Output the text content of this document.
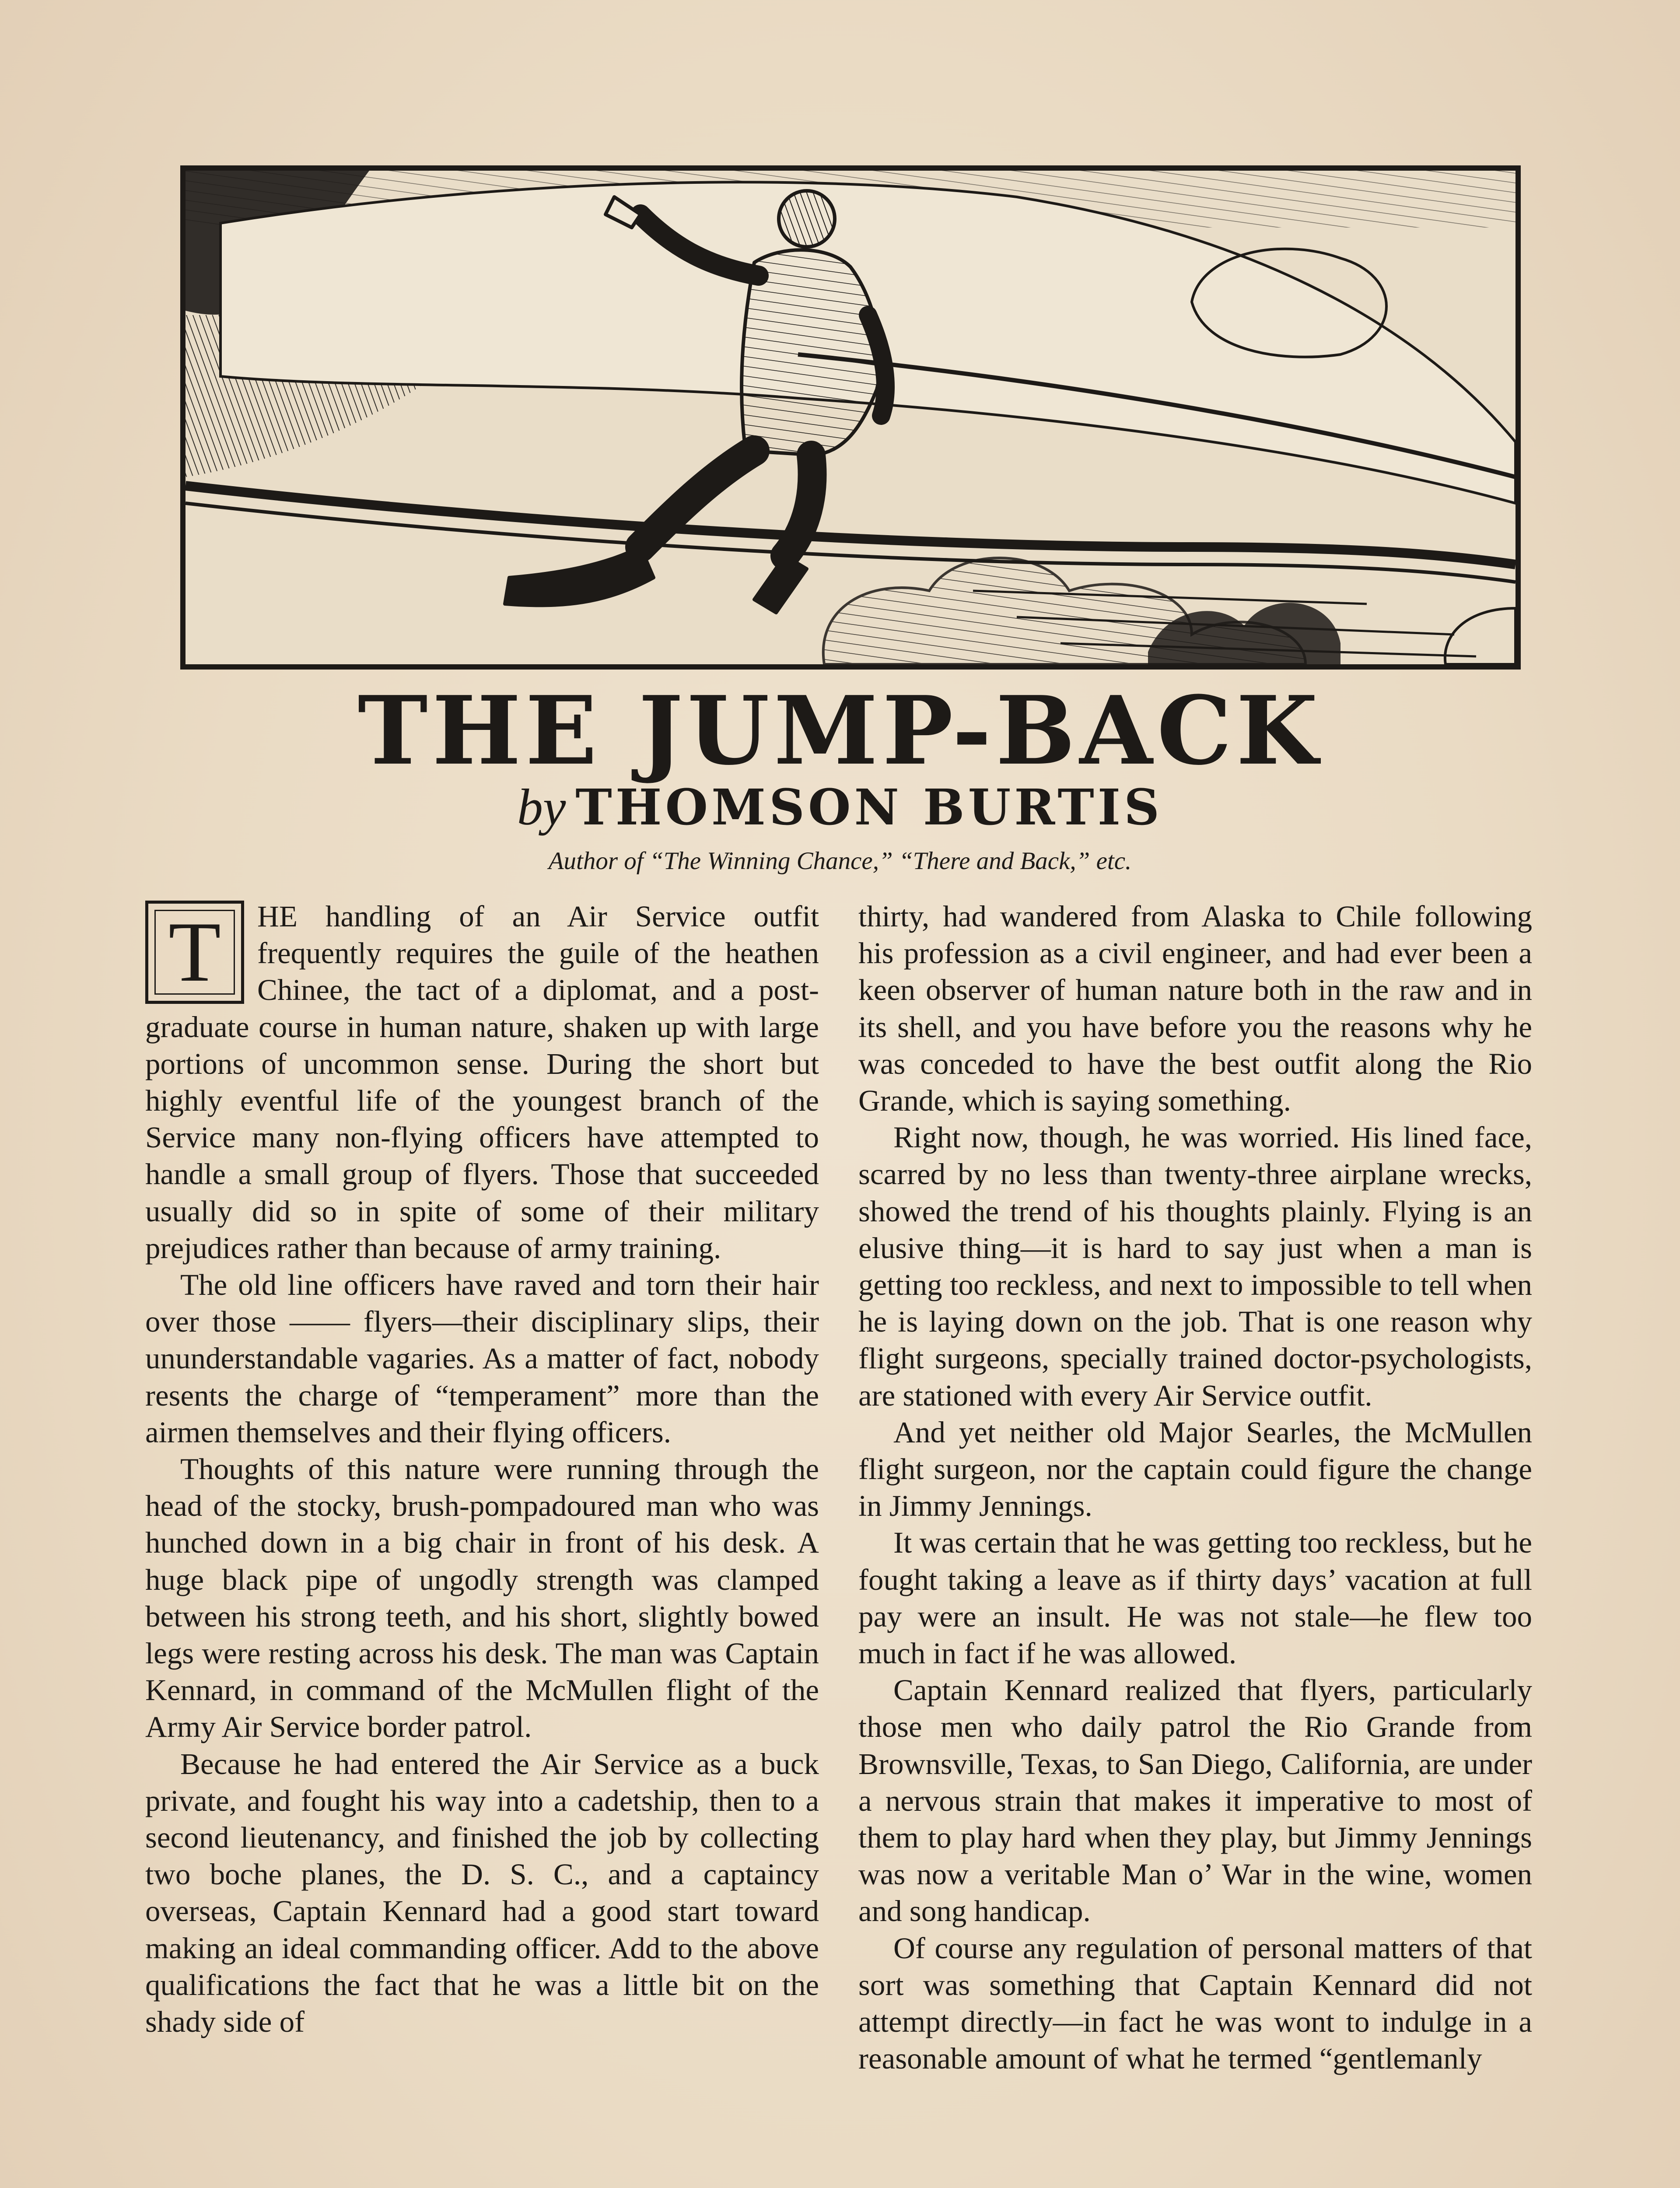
THE JUMP-BACK
by THOMSON BURTIS
Author of “The Winning Chance,” “There and Back,” etc.
T	HE handling of an Air Service outfit frequently requires the guile of the heathen Chinee, the tact of a diplomat, and a post-graduate course in human nature, shaken up with large portions of uncommon sense. During the short but highly eventful life of the youngest branch of the Service many non-flying officers have attempted to handle a small group of flyers. Those that succeeded usually did so in spite of some of their military prejudices rather than because of army training.

The old line officers have raved and torn their hair over those —— flyers—their disciplinary slips, their ununderstandable vagaries. As a matter of fact, nobody resents the charge of “temperament” more than the airmen themselves and their flying officers.

Thoughts of this nature were running through the head of the stocky, brush-pompadoured man who was hunched down in a big chair in front of his desk. A huge black pipe of ungodly strength was clamped between his strong teeth, and his short, slightly bowed legs were resting across his desk. The man was Captain Kennard, in command of the McMullen flight of the Army Air Service border patrol.

Because he had entered the Air Service as a buck private, and fought his way into a cadetship, then to a second lieutenancy, and finished the job by collecting two boche planes, the D. S. C., and a captaincy overseas, Captain Kennard had a good start toward making an ideal commanding officer. Add to the above qualifications the fact that he was a little bit on the shady side of

thirty, had wandered from Alaska to Chile following his profession as a civil engineer, and had ever been a keen observer of human nature both in the raw and in its shell, and you have before you the reasons why he was conceded to have the best outfit along the Rio Grande, which is saying something.

Right now, though, he was worried. His lined face, scarred by no less than twenty-three airplane wrecks, showed the trend of his thoughts plainly. Flying is an elusive thing—it is hard to say just when a man is getting too reckless, and next to impossible to tell when he is laying down on the job. That is one reason why flight surgeons, specially trained doctor-psychologists, are stationed with every Air Service outfit.

And yet neither old Major Searles, the McMullen flight surgeon, nor the captain could figure the change in Jimmy Jennings.

It was certain that he was getting too reckless, but he fought taking a leave as if thirty days’ vacation at full pay were an insult. He was not stale—he flew too much in fact if he was allowed.

Captain Kennard realized that flyers, particularly those men who daily patrol the Rio Grande from Brownsville, Texas, to San Diego, California, are under a nervous strain that makes it imperative to most of them to play hard when they play, but Jimmy Jennings was now a veritable Man o’ War in the wine, women and song handicap.

Of course any regulation of personal matters of that sort was something that Captain Kennard did not attempt directly—in fact he was wont to indulge in a reasonable amount of what he termed “gentlemanly
